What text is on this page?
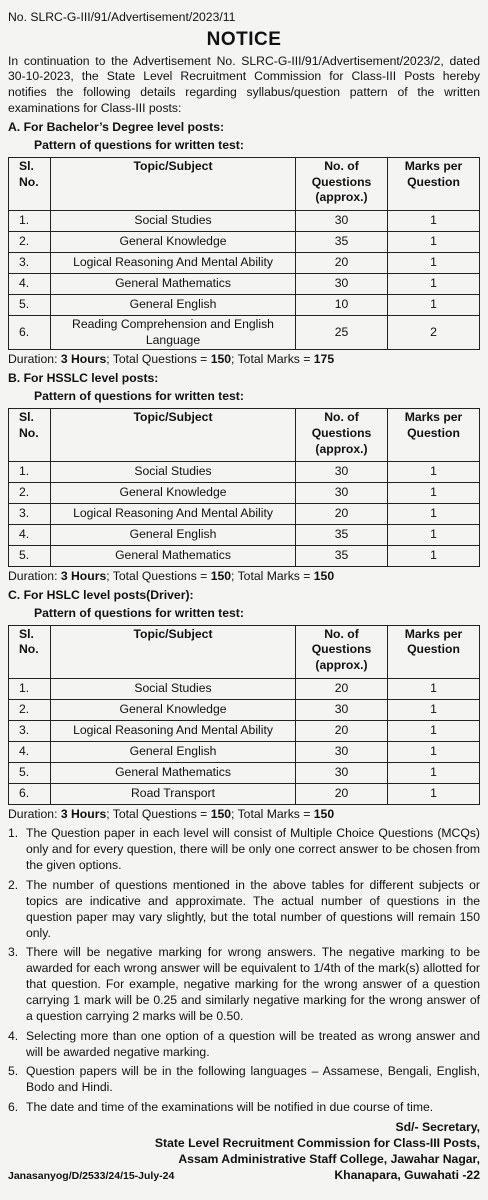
No. SLRC-G-III/91/Advertisement/2023/11
NOTICE
In continuation to the Advertisement No. SLRC-G-III/91/Advertisement/2023/2, dated 30-10-2023, the State Level Recruitment Commission for Class-III Posts hereby notifies the following details regarding syllabus/question pattern of the written examinations for Class-III posts:
A. For Bachelor’s Degree level posts:
Pattern of questions for written test:
Sl. No.	Topic/Subject	No. of Questions (approx.)	Marks per Question
1.	Social Studies	30	1
2.	General Knowledge	35	1
3.	Logical Reasoning And Mental Ability	20	1
4.	General Mathematics	30	1
5.	General English	10	1
6.	Reading Comprehension and English Language	25	2
Duration: 3 Hours; Total Questions = 150; Total Marks = 175
B. For HSSLC level posts:
Pattern of questions for written test:
Sl. No.	Topic/Subject	No. of Questions (approx.)	Marks per Question
1.	Social Studies	30	1
2.	General Knowledge	30	1
3.	Logical Reasoning And Mental Ability	20	1
4.	General English	35	1
5.	General Mathematics	35	1
Duration: 3 Hours; Total Questions = 150; Total Marks = 150
C. For HSLC level posts(Driver):
Pattern of questions for written test:
Sl. No.	Topic/Subject	No. of Questions (approx.)	Marks per Question
1.	Social Studies	20	1
2.	General Knowledge	30	1
3.	Logical Reasoning And Mental Ability	20	1
4.	General English	30	1
5.	General Mathematics	30	1
6.	Road Transport	20	1
Duration: 3 Hours; Total Questions = 150; Total Marks = 150
1. The Question paper in each level will consist of Multiple Choice Questions (MCQs) only and for every question, there will be only one correct answer to be chosen from the given options.
2. The number of questions mentioned in the above tables for different subjects or topics are indicative and approximate. The actual number of questions in the question paper may vary slightly, but the total number of questions will remain 150 only.
3. There will be negative marking for wrong answers. The negative marking to be awarded for each wrong answer will be equivalent to 1/4th of the mark(s) allotted for that question. For example, negative marking for the wrong answer of a question carrying 1 mark will be 0.25 and similarly negative marking for the wrong answer of a question carrying 2 marks will be 0.50.
4. Selecting more than one option of a question will be treated as wrong answer and will be awarded negative marking.
5. Question papers will be in the following languages – Assamese, Bengali, English, Bodo and Hindi.
6. The date and time of the examinations will be notified in due course of time.
Sd/- Secretary,
State Level Recruitment Commission for Class-III Posts,
Assam Administrative Staff College, Jawahar Nagar,
Janasanyog/D/2533/24/15-July-24	Khanapara, Guwahati -22
